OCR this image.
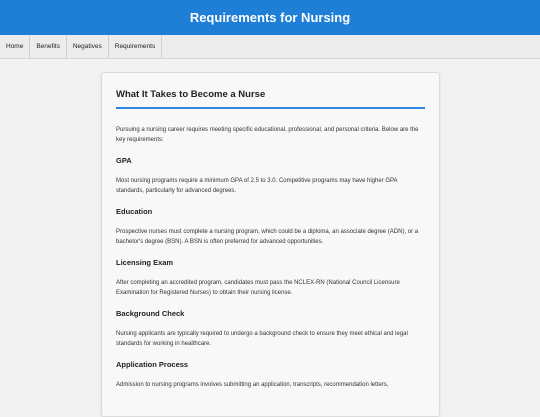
Requirements for Nursing
Home	Benefits	Negatives	Requirements
What It Takes to Become a Nurse

Pursuing a nursing career requires meeting specific educational, professional, and personal criteria. Below are the key requirements:

GPA

Most nursing programs require a minimum GPA of 2.5 to 3.0. Competitive programs may have higher GPA standards, particularly for advanced degrees.

Education

Prospective nurses must complete a nursing program, which could be a diploma, an associate degree (ADN), or a bachelor's degree (BSN). A BSN is often preferred for advanced opportunities.

Licensing Exam

After completing an accredited program, candidates must pass the NCLEX-RN (National Council Licensure Examination for Registered Nurses) to obtain their nursing license.

Background Check

Nursing applicants are typically required to undergo a background check to ensure they meet ethical and legal standards for working in healthcare.

Application Process

Admission to nursing programs involves submitting an application, transcripts, recommendation letters,
